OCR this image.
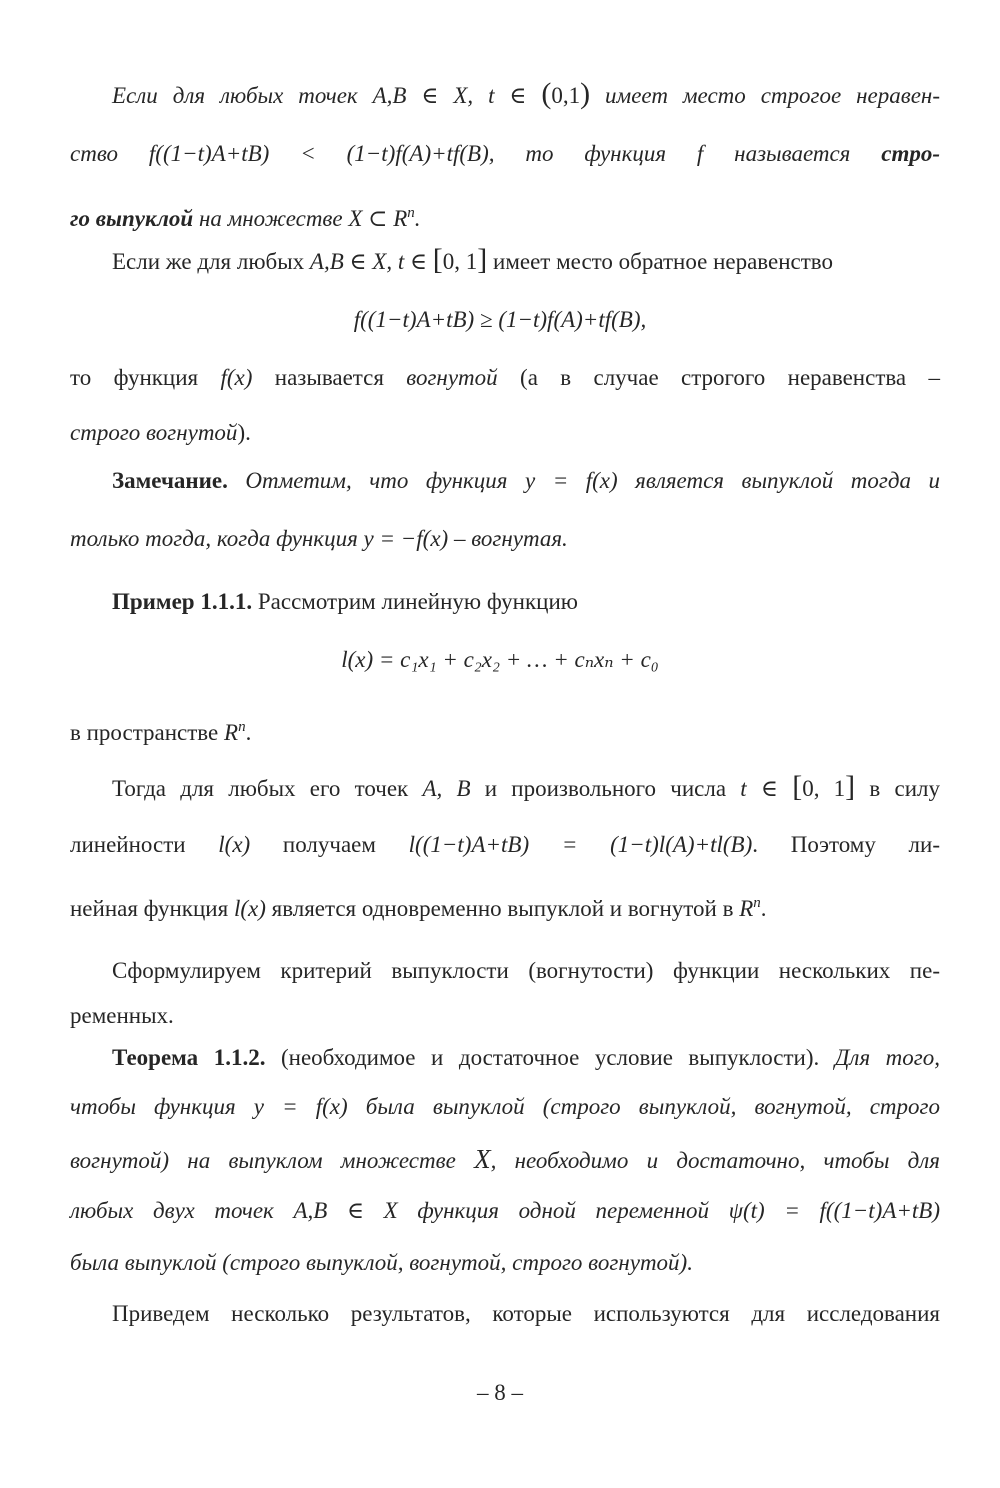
Если для любых точек A,B ∈ X, t ∈ (0,1) имеет место строгое неравен-
ство f((1−t)A+tB) < (1−t)f(A)+tf(B), то функция f называется стро-
го выпуклой на множестве X ⊂ $R^n$.
Если же для любых A,B ∈ X, t ∈ [0, 1] имеет место обратное неравенство
f((1−t)A+tB) ≥ (1−t)f(A)+tf(B),
то функция f(x) называется вогнутой (а в случае строгого неравенства –
строго вогнутой).
Замечание. Отметим, что функция y = f(x) является выпуклой тогда и
только тогда, когда функция y = −f(x) – вогнутая.
Пример 1.1.1. Рассмотрим линейную функцию
l(x) = c₁x₁ + c₂x₂ + … + cₙxₙ + c₀
в пространстве $R^n$.
Тогда для любых его точек A, B и произвольного числа t ∈ [0, 1] в силу
линейности l(x) получаем l((1−t)A+tB) = (1−t)l(A)+tl(B). Поэтому ли-
нейная функция l(x) является одновременно выпуклой и вогнутой в $R^n$.
Сформулируем критерий выпуклости (вогнутости) функции нескольких пе-
ременных.
Теорема 1.1.2. (необходимое и достаточное условие выпуклости). Для того,
чтобы функция y = f(x) была выпуклой (строго выпуклой, вогнутой, строго
вогнутой) на выпуклом множестве X, необходимо и достаточно, чтобы для
любых двух точек A,B ∈ X функция одной переменной ψ(t) = f((1−t)A+tB)
была выпуклой (строго выпуклой, вогнутой, строго вогнутой).
Приведем несколько результатов, которые используются для исследования
– 8 –
